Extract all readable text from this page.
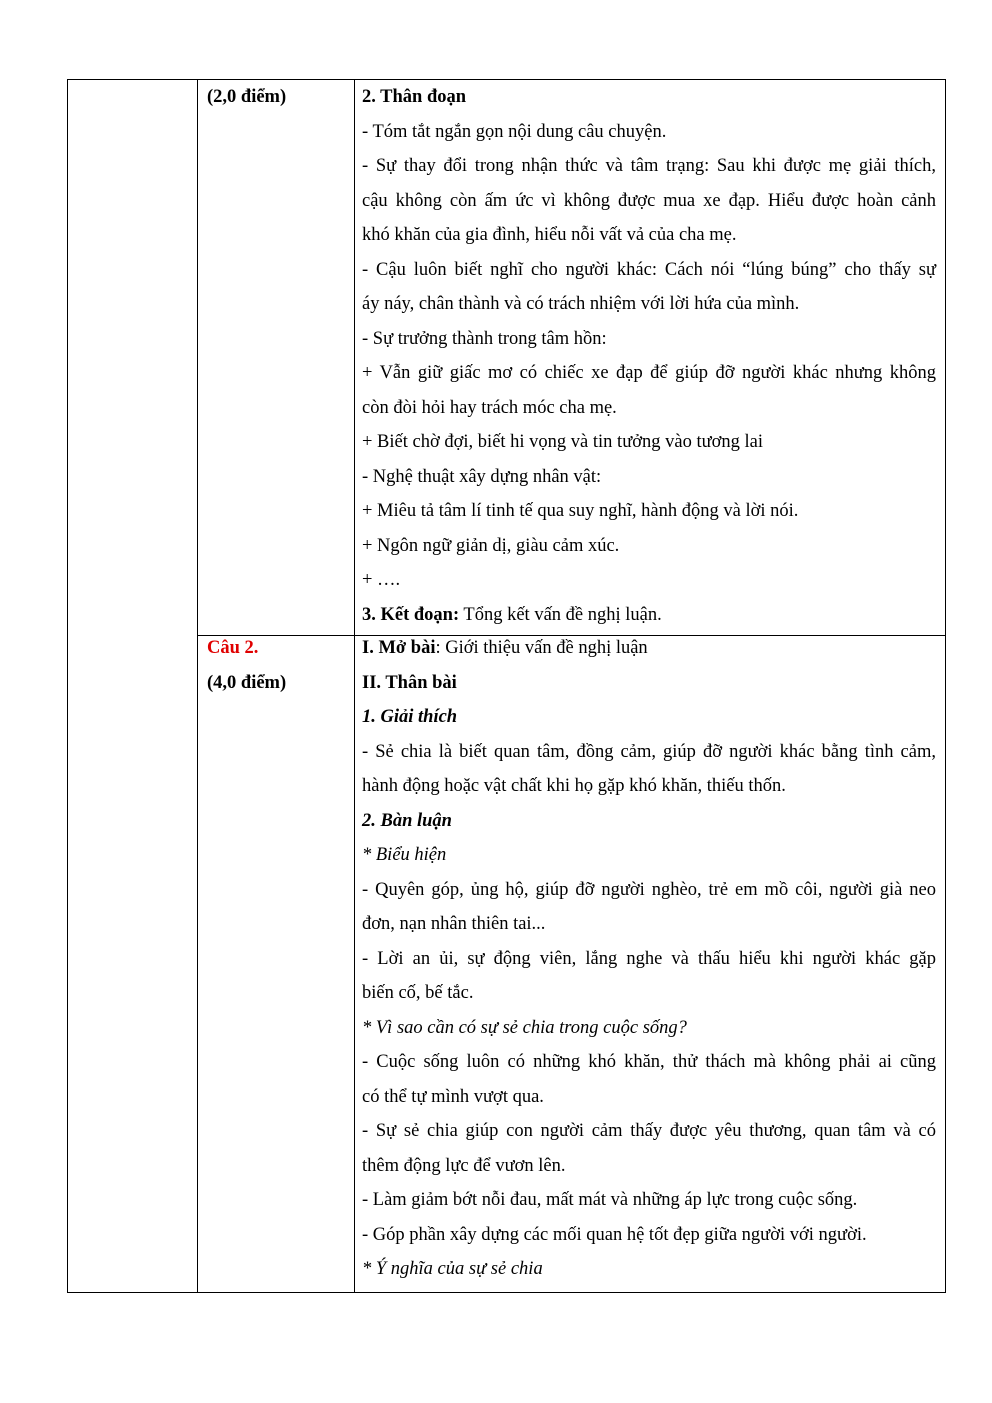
(2,0 điểm)	2. Thân đoạn
- Tóm tắt ngắn gọn nội dung câu chuyện.
- Sự thay đổi trong nhận thức và tâm trạng: Sau khi được mẹ giải thích,
cậu không còn ấm ức vì không được mua xe đạp. Hiểu được hoàn cảnh
khó khăn của gia đình, hiểu nỗi vất vả của cha mẹ.
- Cậu luôn biết nghĩ cho người khác: Cách nói “lúng búng” cho thấy sự
áy náy, chân thành và có trách nhiệm với lời hứa của mình.
- Sự trưởng thành trong tâm hồn:
+ Vẫn giữ giấc mơ có chiếc xe đạp để giúp đỡ người khác nhưng không
còn đòi hỏi hay trách móc cha mẹ.
+ Biết chờ đợi, biết hi vọng và tin tưởng vào tương lai
- Nghệ thuật xây dựng nhân vật:
+ Miêu tả tâm lí tinh tế qua suy nghĩ, hành động và lời nói.
+ Ngôn ngữ giản dị, giàu cảm xúc.
+ ….
3. Kết đoạn: Tổng kết vấn đề nghị luận.
Câu 2.
(4,0 điểm)
I. Mở bài: Giới thiệu vấn đề nghị luận
II. Thân bài
1. Giải thích
- Sẻ chia là biết quan tâm, đồng cảm, giúp đỡ người khác bằng tình cảm,
hành động hoặc vật chất khi họ gặp khó khăn, thiếu thốn.
2. Bàn luận
* Biểu hiện
- Quyên góp, ủng hộ, giúp đỡ người nghèo, trẻ em mồ côi, người già neo
đơn, nạn nhân thiên tai...
- Lời an ủi, sự động viên, lắng nghe và thấu hiểu khi người khác gặp
biến cố, bế tắc.
* Vì sao cần có sự sẻ chia trong cuộc sống?
- Cuộc sống luôn có những khó khăn, thử thách mà không phải ai cũng
có thể tự mình vượt qua.
- Sự sẻ chia giúp con người cảm thấy được yêu thương, quan tâm và có
thêm động lực để vươn lên.
- Làm giảm bớt nỗi đau, mất mát và những áp lực trong cuộc sống.
- Góp phần xây dựng các mối quan hệ tốt đẹp giữa người với người.
* Ý nghĩa của sự sẻ chia
